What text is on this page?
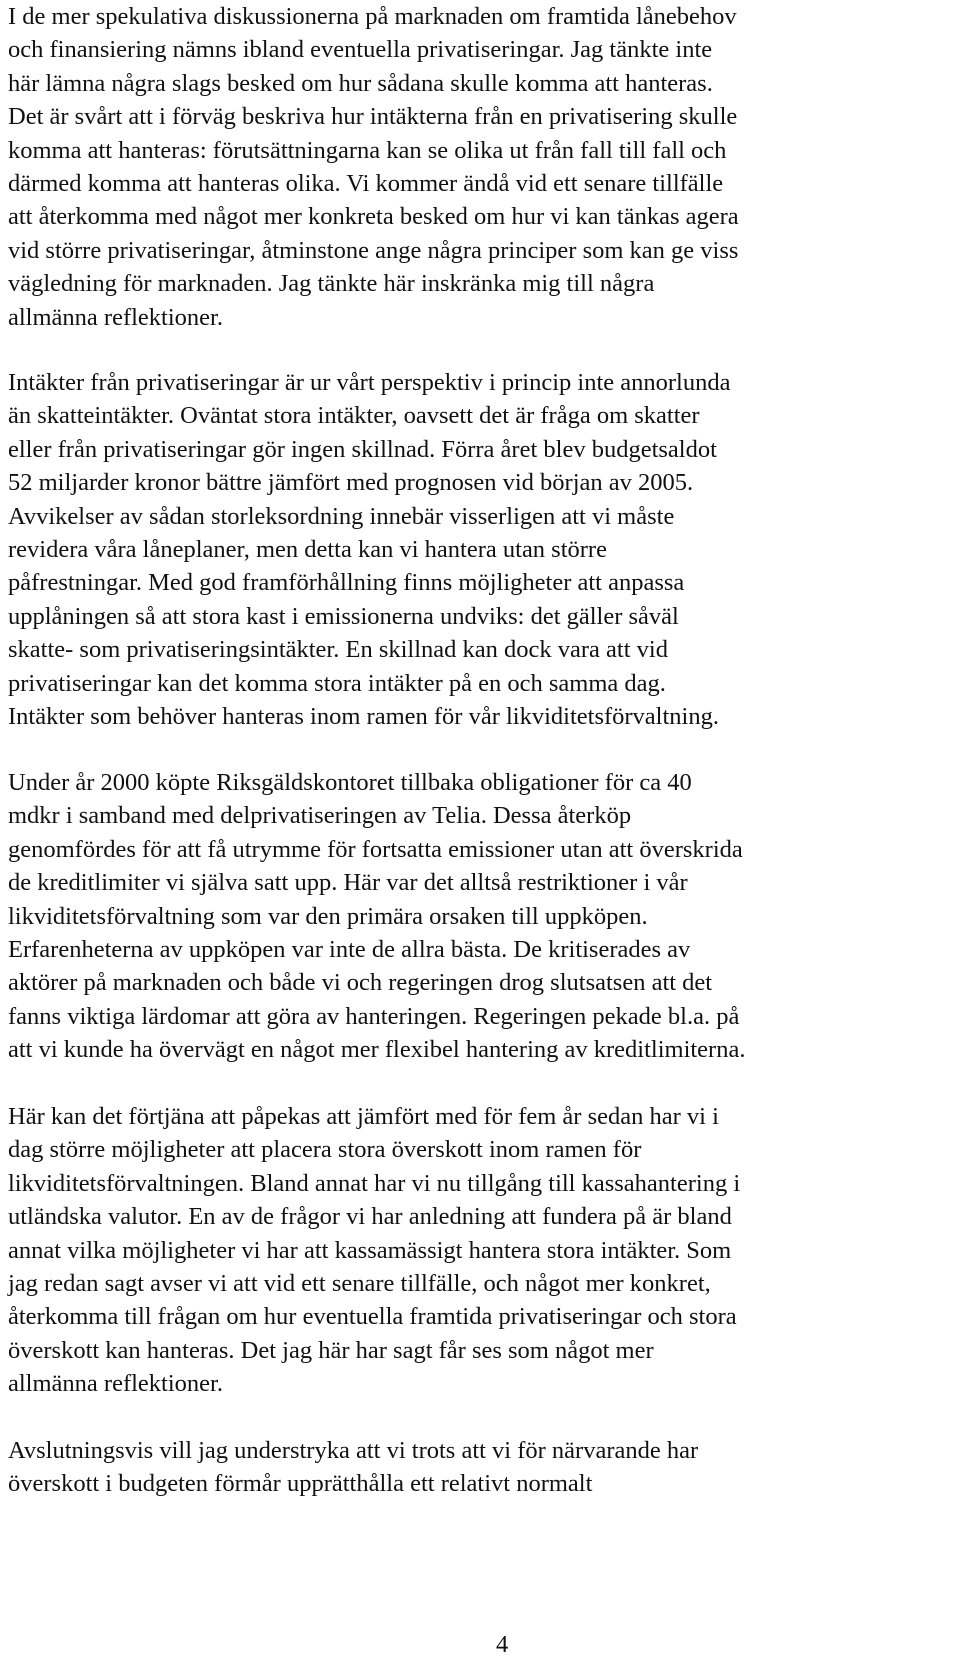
I de mer spekulativa diskussionerna på marknaden om framtida lånebehov
och finansiering nämns ibland eventuella privatiseringar. Jag tänkte inte
här lämna några slags besked om hur sådana skulle komma att hanteras.
Det är svårt att i förväg beskriva hur intäkterna från en privatisering skulle
komma att hanteras: förutsättningarna kan se olika ut från fall till fall och
därmed komma att hanteras olika. Vi kommer ändå vid ett senare tillfälle
att återkomma med något mer konkreta besked om hur vi kan tänkas agera
vid större privatiseringar, åtminstone ange några principer som kan ge viss
vägledning för marknaden. Jag tänkte här inskränka mig till några
allmänna reflektioner.
Intäkter från privatiseringar är ur vårt perspektiv i princip inte annorlunda
än skatteintäkter. Oväntat stora intäkter, oavsett det är fråga om skatter
eller från privatiseringar gör ingen skillnad. Förra året blev budgetsaldot
52 miljarder kronor bättre jämfört med prognosen vid början av 2005.
Avvikelser av sådan storleksordning innebär visserligen att vi måste
revidera våra låneplaner, men detta kan vi hantera utan större
påfrestningar. Med god framförhållning finns möjligheter att anpassa
upplåningen så att stora kast i emissionerna undviks: det gäller såväl
skatte- som privatiseringsintäkter. En skillnad kan dock vara att vid
privatiseringar kan det komma stora intäkter på en och samma dag.
Intäkter som behöver hanteras inom ramen för vår likviditetsförvaltning.
Under år 2000 köpte Riksgäldskontoret tillbaka obligationer för ca 40
mdkr i samband med delprivatiseringen av Telia. Dessa återköp
genomfördes för att få utrymme för fortsatta emissioner utan att överskrida
de kreditlimiter vi själva satt upp. Här var det alltså restriktioner i vår
likviditetsförvaltning som var den primära orsaken till uppköpen.
Erfarenheterna av uppköpen var inte de allra bästa. De kritiserades av
aktörer på marknaden och både vi och regeringen drog slutsatsen att det
fanns viktiga lärdomar att göra av hanteringen. Regeringen pekade bl.a. på
att vi kunde ha övervägt en något mer flexibel hantering av kreditlimiterna.
Här kan det förtjäna att påpekas att jämfört med för fem år sedan har vi i
dag större möjligheter att placera stora överskott inom ramen för
likviditetsförvaltningen. Bland annat har vi nu tillgång till kassahantering i
utländska valutor. En av de frågor vi har anledning att fundera på är bland
annat vilka möjligheter vi har att kassamässigt hantera stora intäkter. Som
jag redan sagt avser vi att vid ett senare tillfälle, och något mer konkret,
återkomma till frågan om hur eventuella framtida privatiseringar och stora
överskott kan hanteras. Det jag här har sagt får ses som något mer
allmänna reflektioner.
Avslutningsvis vill jag understryka att vi trots att vi för närvarande har
överskott i budgeten förmår upprätthålla ett relativt normalt
4
